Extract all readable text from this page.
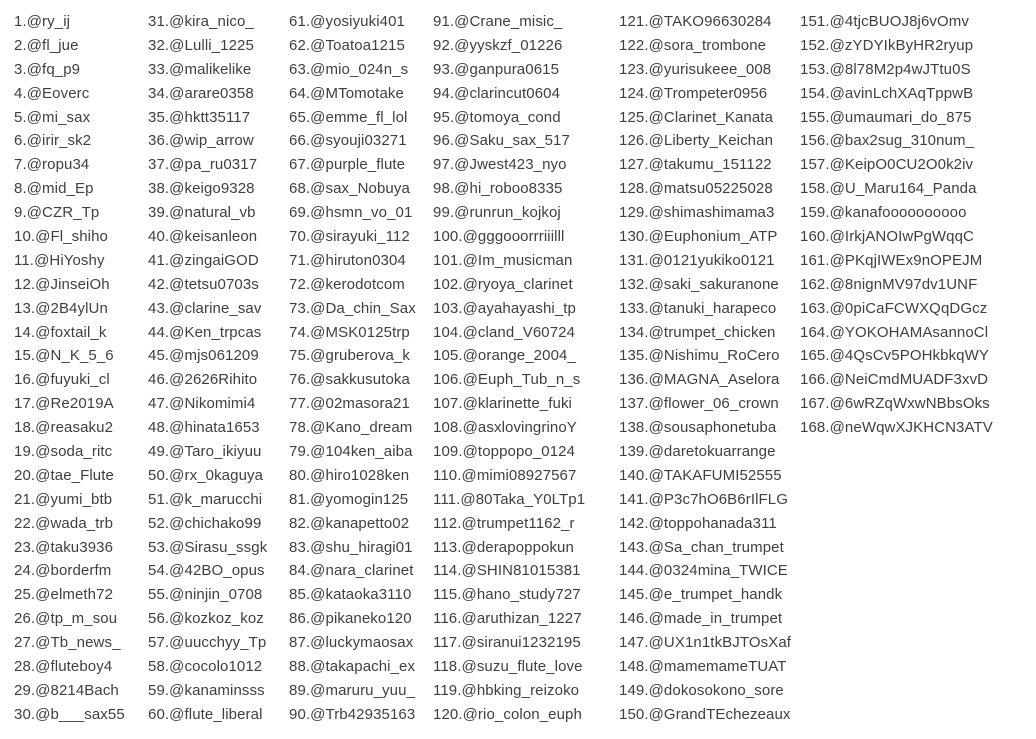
1.@ry_ij
2.@fl_jue
3.@fq_p9
4.@Eoverc
5.@mi_sax
6.@irir_sk2
7.@ropu34
8.@mid_Ep
9.@CZR_Tp
10.@Fl_shiho
11.@HiYoshy
12.@JinseiOh
13.@2B4ylUn
14.@foxtail_k
15.@N_K_5_6
16.@fuyuki_cl
17.@Re2019A
18.@reasaku2
19.@soda_ritc
20.@tae_Flute
21.@yumi_btb
22.@wada_trb
23.@taku3936
24.@borderfm
25.@elmeth72
26.@tp_m_sou
27.@Tb_news_
28.@fluteboy4
29.@8214Bach
30.@b___sax55
31.@kira_nico_
32.@Lulli_1225
33.@malikelike
34.@arare0358
35.@hktt35117
36.@wip_arrow
37.@pa_ru0317
38.@keigo9328
39.@natural_vb
40.@keisanleon
41.@zingaiGOD
42.@tetsu0703s
43.@clarine_sav
44.@Ken_trpcas
45.@mjs061209
46.@2626Rihito
47.@Nikomimi4
48.@hinata1653
49.@Taro_ikiyuu
50.@rx_0kaguya
51.@k_marucchi
52.@chichako99
53.@Sirasu_ssgk
54.@42BO_opus
55.@ninjin_0708
56.@kozkoz_koz
57.@uucchyy_Tp
58.@cocolo1012
59.@kanaminsss
60.@flute_liberal
61.@yosiyuki401
62.@Toatoa1215
63.@mio_024n_s
64.@MTomotake
65.@emme_fl_lol
66.@syouji03271
67.@purple_flute
68.@sax_Nobuya
69.@hsmn_vo_01
70.@sirayuki_112
71.@hiruton0304
72.@kerodotcom
73.@Da_chin_Sax
74.@MSK0125trp
75.@gruberova_k
76.@sakkusutoka
77.@02masora21
78.@Kano_dream
79.@104ken_aiba
80.@hiro1028ken
81.@yomogin125
82.@kanapetto02
83.@shu_hiragi01
84.@nara_clarinet
85.@kataoka3110
86.@pikaneko120
87.@luckymaosax
88.@takapachi_ex
89.@maruru_yuu_
90.@Trb42935163
91.@Crane_misic_
92.@yyskzf_01226
93.@ganpura0615
94.@clarincut0604
95.@tomoya_cond
96.@Saku_sax_517
97.@Jwest423_nyo
98.@hi_roboo8335
99.@runrun_kojkoj
100.@gggooorrriiilll
101.@Im_musicman
102.@ryoya_clarinet
103.@ayahayashi_tp
104.@cland_V60724
105.@orange_2004_
106.@Euph_Tub_n_s
107.@klarinette_fuki
108.@asxlovingrinoY
109.@toppopo_0124
110.@mimi08927567
111.@80Taka_Y0LTp1
112.@trumpet1162_r
113.@derapoppokun
114.@SHIN81015381
115.@hano_study727
116.@aruthizan_1227
117.@siranui1232195
118.@suzu_flute_love
119.@hbking_reizoko
120.@rio_colon_euph
121.@TAKO96630284
122.@sora_trombone
123.@yurisukeee_008
124.@Trompeter0956
125.@Clarinet_Kanata
126.@Liberty_Keichan
127.@takumu_151122
128.@matsu05225028
129.@shimashimama3
130.@Euphonium_ATP
131.@0121yukiko0121
132.@saki_sakuranone
133.@tanuki_harapeco
134.@trumpet_chicken
135.@Nishimu_RoCero
136.@MAGNA_Aselora
137.@flower_06_crown
138.@sousaphonetuba
139.@daretokuarrange
140.@TAKAFUMI52555
141.@P3c7hO6B6rIlFLG
142.@toppohanada311
143.@Sa_chan_trumpet
144.@0324mina_TWICE
145.@e_trumpet_handk
146.@made_in_trumpet
147.@UX1n1tkBJTOsXaf
148.@mamemameTUAT
149.@dokosokono_sore
150.@GrandTEchezeaux
151.@4tjcBUOJ8j6vOmv
152.@zYDYIkByHR2ryup
153.@8l78M2p4wJTtu0S
154.@avinLchXAqTppwB
155.@umaumari_do_875
156.@bax2sug_310num_
157.@KeipO0CU2O0k2iv
158.@U_Maru164_Panda
159.@kanafoooooooooo
160.@IrkjANOIwPgWqqC
161.@PKqjIWEx9nOPEJM
162.@8nignMV97dv1UNF
163.@0piCaFCWXQqDGcz
164.@YOKOHAMAsannoCl
165.@4QsCv5POHkbkqWY
166.@NeiCmdMUADF3xvD
167.@6wRZqWxwNBbsOks
168.@neWqwXJKHCN3ATV
